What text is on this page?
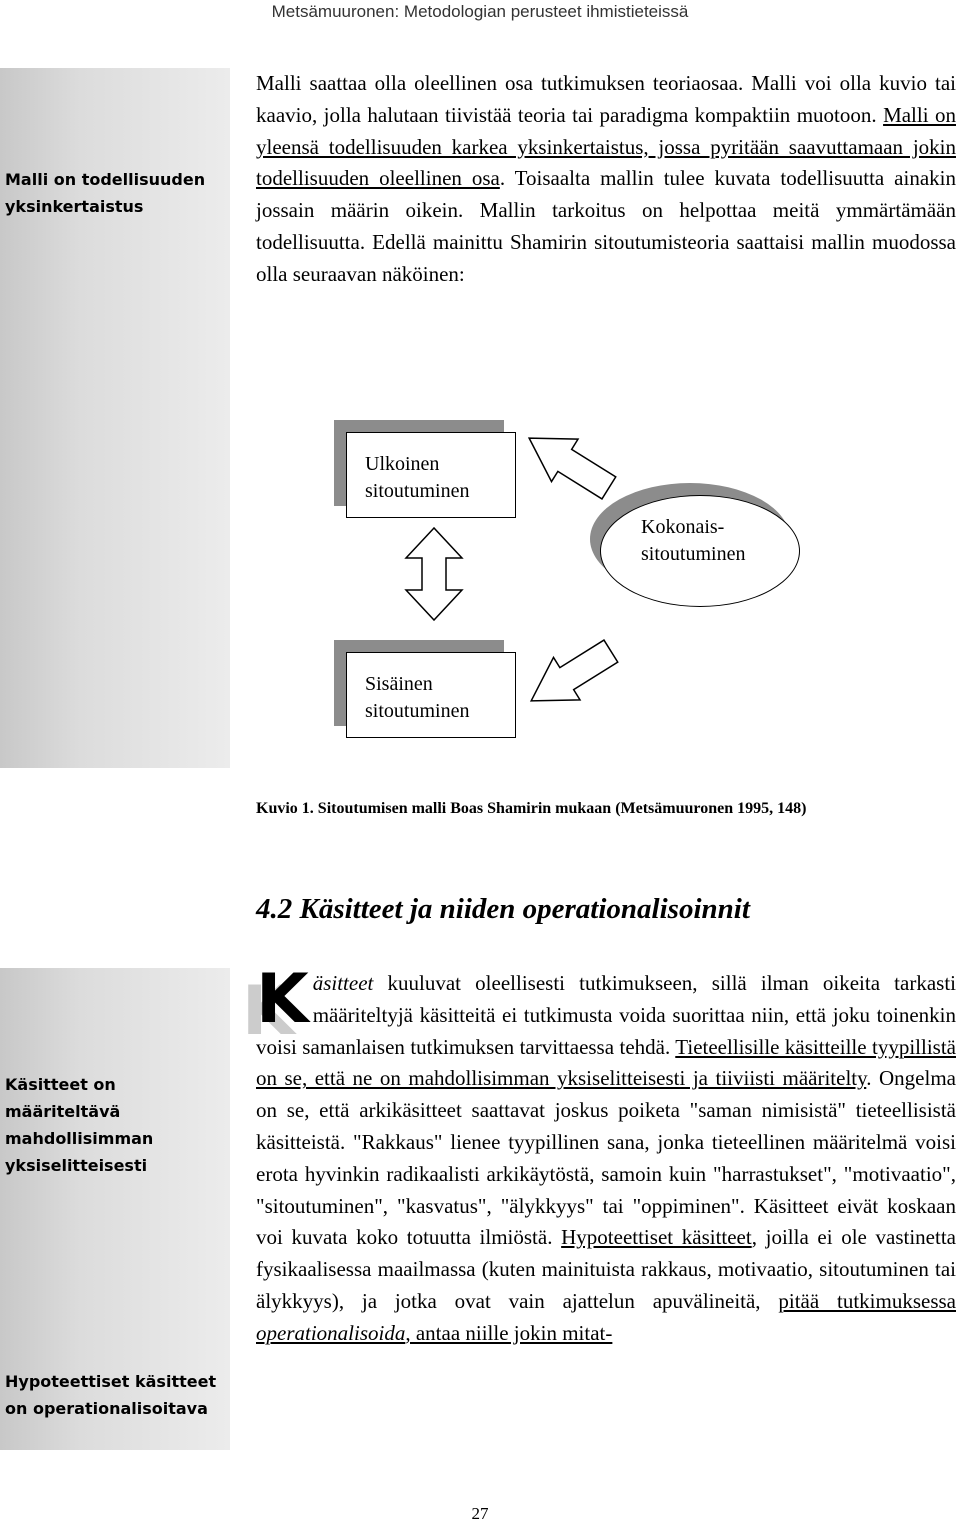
Metsämuuronen: Metodologian perusteet ihmistieteissä
Malli on todellisuuden yksinkertaistus
Malli saattaa olla oleellinen osa tutkimuksen teoriaosaa. Malli voi olla kuvio tai kaavio, jolla halutaan tiivistää teoria tai paradigma kompaktiin muotoon. Malli on yleensä todellisuuden karkea yksinkertaistus, jossa pyritään saavuttamaan jokin todellisuuden oleellinen osa. Toisaalta mallin tulee kuvata todellisuutta ainakin jossain määrin oikein. Mallin tarkoitus on helpottaa meitä ymmärtämään todellisuutta. Edellä mainittu Shamirin sitoutumisteoria saattaisi mallin muodossa olla seuraavan näköinen:
Ulkoinen
sitoutuminen
Kokonais-
sitoutuminen
Sisäinen
sitoutuminen
Kuvio 1. Sitoutumisen malli Boas Shamirin mukaan (Metsämuuronen 1995, 148)
4.2 Käsitteet ja niiden operationalisoinnit
Käsitteet on määriteltävä mahdollisimman yksiselitteisesti
Hypoteettiset käsitteet on operationalisoitava
Käsitteet kuuluvat oleellisesti tutkimukseen, sillä ilman oikeita tarkasti määriteltyjä käsitteitä ei tutkimusta voida suorittaa niin, että joku toinenkin voisi samanlaisen tutkimuksen tarvittaessa tehdä. Tieteellisille käsitteille tyypillistä on se, että ne on mahdollisimman yksiselitteisesti ja tiiviisti määritelty. Ongelma on se, että arkikäsitteet saattavat joskus poiketa "saman nimisistä" tieteellisistä käsitteistä. "Rakkaus" lienee tyypillinen sana, jonka tieteellinen määritelmä voisi erota hyvinkin radikaalisti arkikäytöstä, samoin kuin "harrastukset", "motivaatio", "sitoutuminen", "kasvatus", "älykkyys" tai "oppiminen". Käsitteet eivät koskaan voi kuvata koko totuutta ilmiöstä. Hypoteettiset käsitteet, joilla ei ole vastinetta fysikaalisessa maailmassa (kuten mainituista rakkaus, motivaatio, sitoutuminen tai älykkyys), ja jotka ovat vain ajattelun apuvälineitä, pitää tutkimuksessa operationalisoida, antaa niille jokin mitat-
27
